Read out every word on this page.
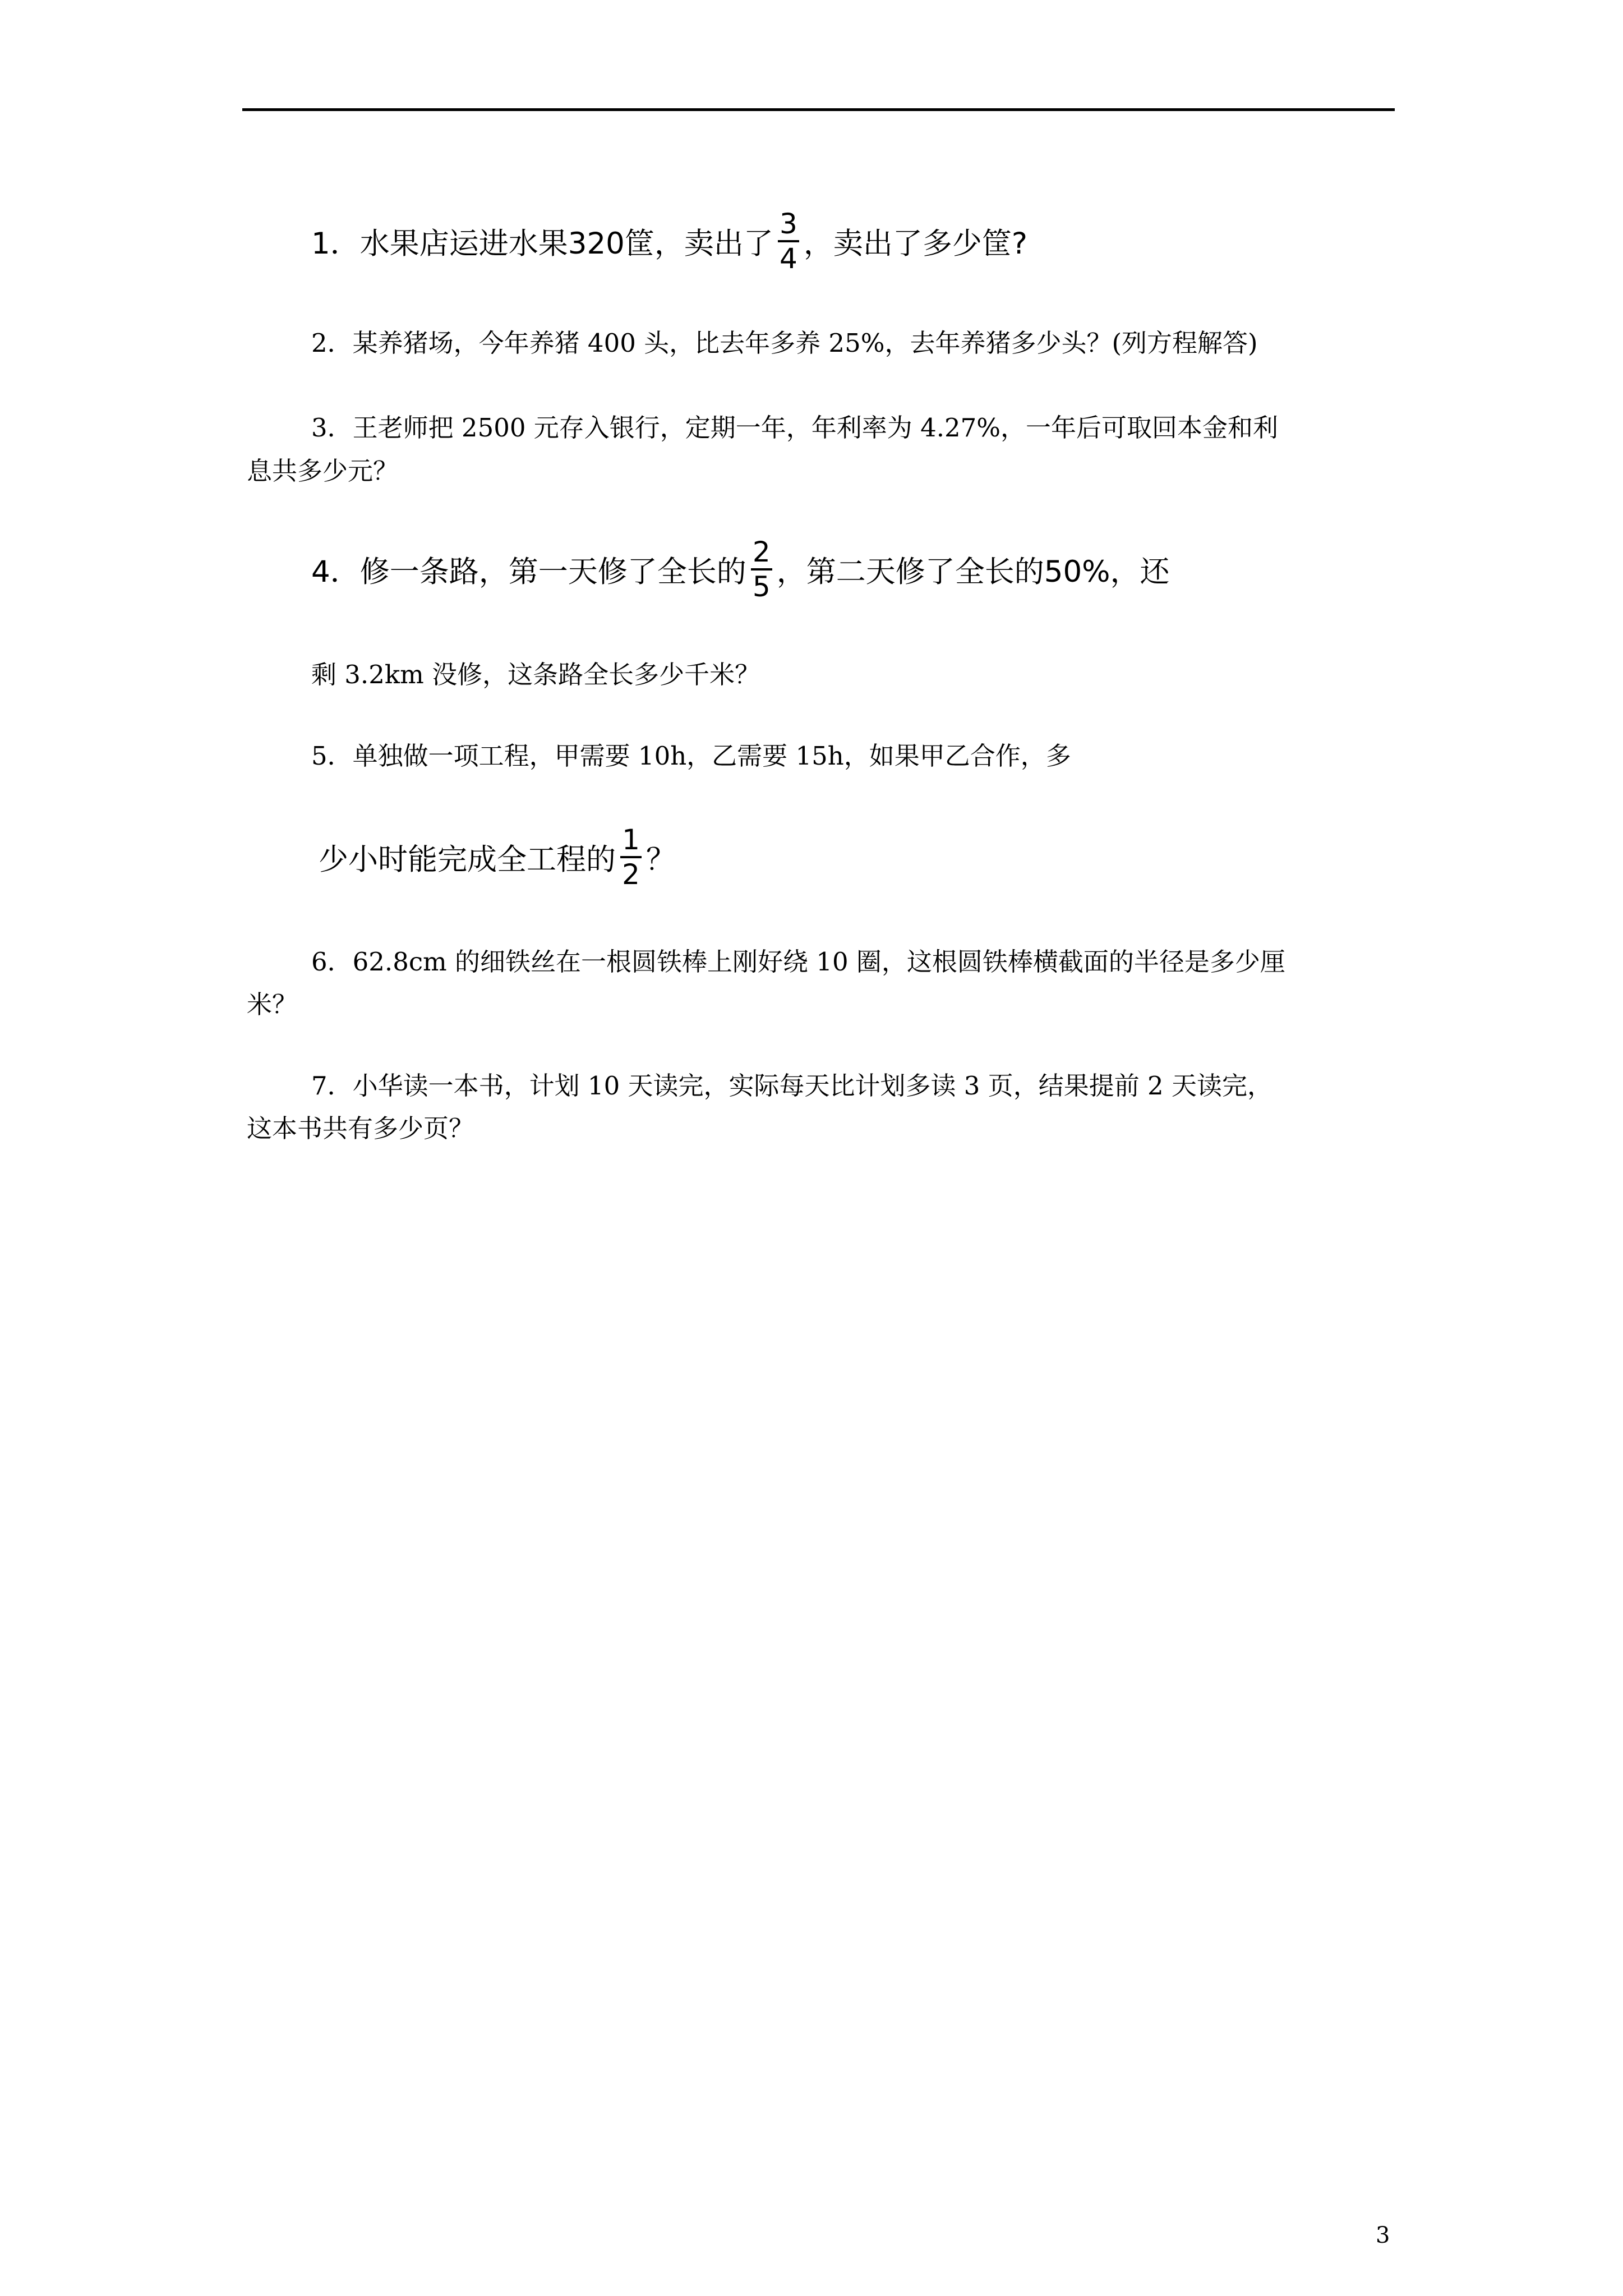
1．水果店运进水果320筐，卖出了 $\frac{3}{4}$ ，卖出了多少筐?
2．某养猪场，今年养猪 400 头，比去年多养 25%，去年养猪多少头？(列方程解答)
3．王老师把 2500 元存入银行，定期一年，年利率为 4.27%，一年后可取回本金和利
息共多少元？
4．修一条路，第一天修了全长的 $\frac{2}{5}$ ，第二天修了全长的50%，还
剩 3.2km 没修，这条路全长多少千米？
5．单独做一项工程，甲需要 10h，乙需要 15h，如果甲乙合作，多
少小时能完成全工程的 $\frac{1}{2}$ ？
6．62.8cm 的细铁丝在一根圆铁棒上刚好绕 10 圈，这根圆铁棒横截面的半径是多少厘
米？
7．小华读一本书，计划 10 天读完，实际每天比计划多读 3 页，结果提前 2 天读完，
这本书共有多少页？
3
